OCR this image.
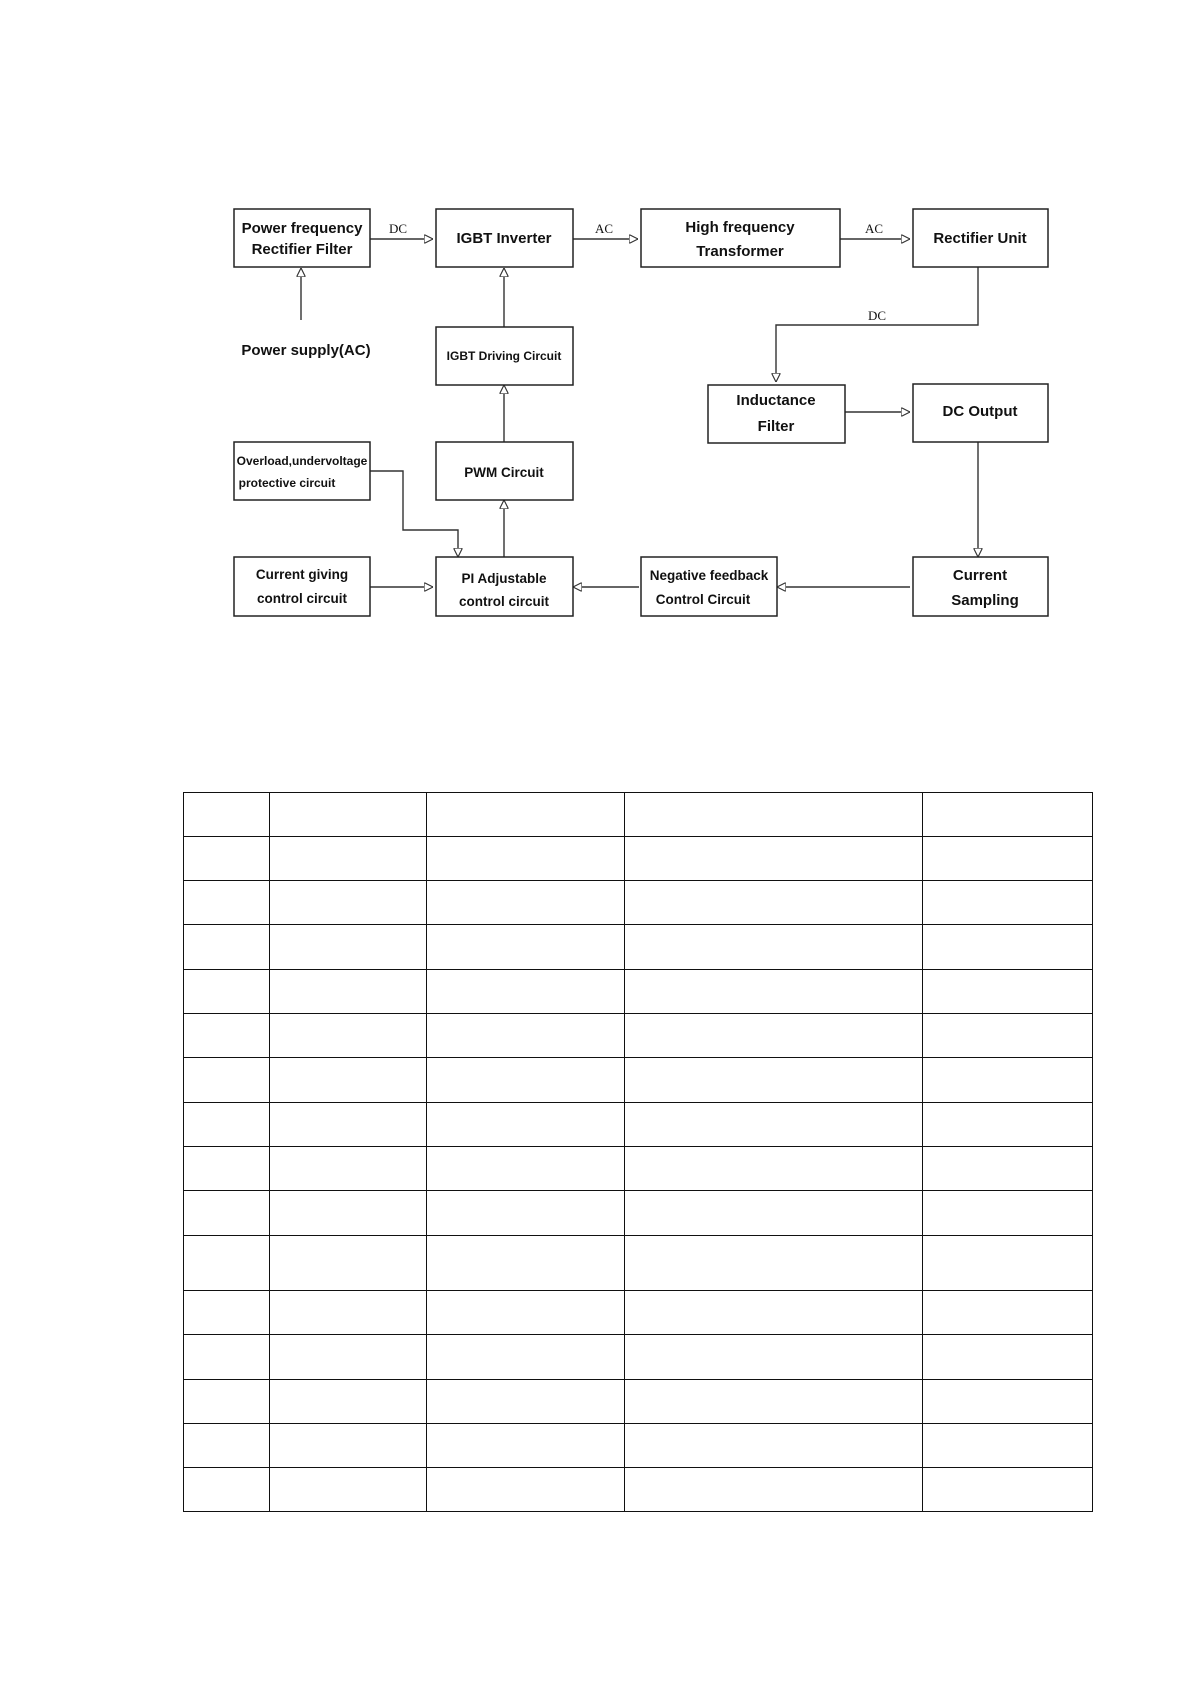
DC	AC	AC
DC
Power supply(AC)
Power frequency
Rectifier Filter
IGBT Inverter
High frequency
Transformer
Rectifier Unit
IGBT Driving Circuit
Inductance
Filter
DC Output
Overload,undervoltage
protective circuit
PWM Circuit
Current giving
control circuit
PI Adjustable
control circuit
Negative feedback
Control Circuit
Current
Sampling
